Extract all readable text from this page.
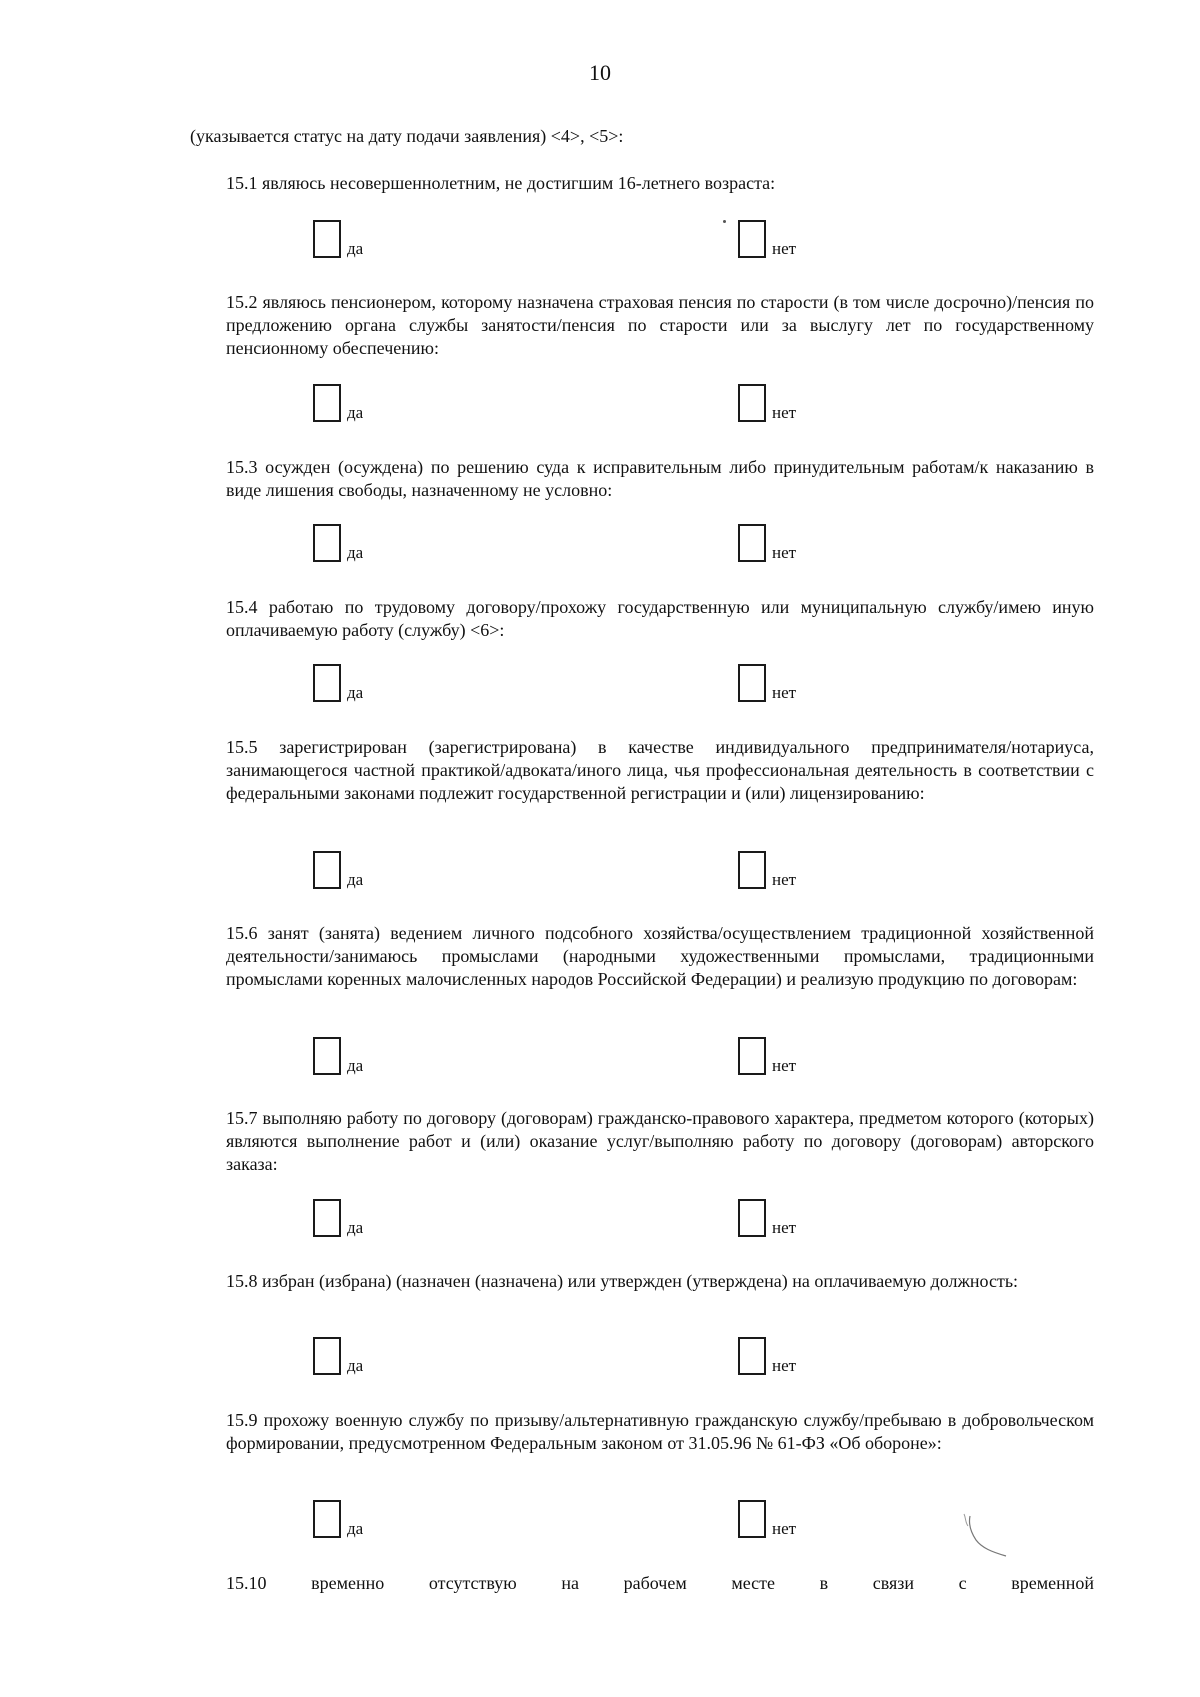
10

(указывается статус на дату подачи заявления) <4>, <5>:

15.1 являюсь несовершеннолетним, не достигшим 16-летнего возраста:

да	нет

15.2 являюсь пенсионером, которому назначена страховая пенсия по старости (в том числе досрочно)/пенсия по предложению органа службы занятости/пенсия по старости или за выслугу лет по государственному пенсионному обеспечению:

да	нет

15.3 осужден (осуждена) по решению суда к исправительным либо принудительным работам/к наказанию в виде лишения свободы, назначенному не условно:

да	нет

15.4 работаю по трудовому договору/прохожу государственную или муниципальную службу/имею иную оплачиваемую работу (службу) <6>:

да	нет

15.5 зарегистрирован (зарегистрирована) в качестве индивидуального предпринимателя/нотариуса, занимающегося частной практикой/адвоката/иного лица, чья профессиональная деятельность в соответствии с федеральными законами подлежит государственной регистрации и (или) лицензированию:

да	нет

15.6 занят (занята) ведением личного подсобного хозяйства/осуществлением традиционной хозяйственной деятельности/занимаюсь промыслами (народными художественными промыслами, традиционными промыслами коренных малочисленных народов Российской Федерации) и реализую продукцию по договорам:

да	нет

15.7 выполняю работу по договору (договорам) гражданско-правового характера, предметом которого (которых) являются выполнение работ и (или) оказание услуг/выполняю работу по договору (договорам) авторского заказа:

да	нет

15.8 избран (избрана) (назначен (назначена) или утвержден (утверждена) на оплачиваемую должность:

да	нет

15.9 прохожу военную службу по призыву/альтернативную гражданскую службу/пребываю в добровольческом формировании, предусмотренном Федеральным законом от 31.05.96 № 61-ФЗ «Об обороне»:

да	нет

15.10 временно отсутствую на рабочем месте в связи с временной
